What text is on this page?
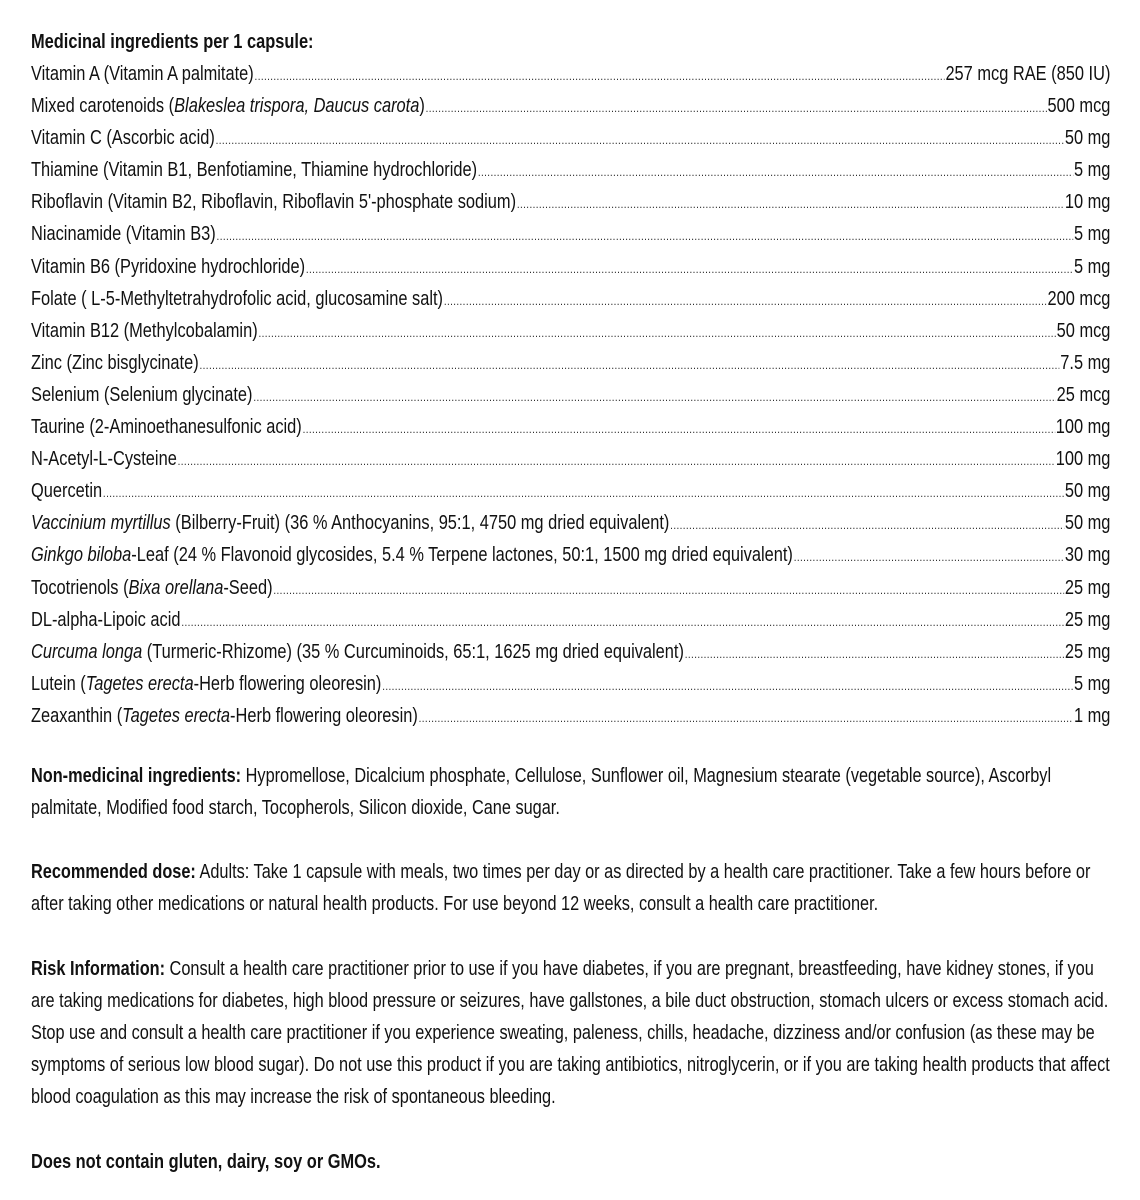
Medicinal ingredients per 1 capsule:
Vitamin A (Vitamin A palmitate) .....	257 mcg RAE (850 IU)
Mixed carotenoids (Blakeslea trispora, Daucus carota) .....	500 mcg
Vitamin C (Ascorbic acid) .....	50 mg
Thiamine (Vitamin B1, Benfotiamine, Thiamine hydrochloride) .....	5 mg
Riboflavin (Vitamin B2, Riboflavin, Riboflavin 5'-phosphate sodium) .....	10 mg
Niacinamide (Vitamin B3) .....	5 mg
Vitamin B6 (Pyridoxine hydrochloride) .....	5 mg
Folate ( L-5-Methyltetrahydrofolic acid, glucosamine salt) .....	200 mcg
Vitamin B12 (Methylcobalamin) .....	50 mcg
Zinc (Zinc bisglycinate) .....	7.5 mg
Selenium (Selenium glycinate) .....	25 mcg
Taurine (2-Aminoethanesulfonic acid) .....	100 mg
N-Acetyl-L-Cysteine .....	100 mg
Quercetin .....	50 mg
Vaccinium myrtillus (Bilberry-Fruit) (36 % Anthocyanins, 95:1, 4750 mg dried equivalent) .....	50 mg
Ginkgo biloba-Leaf (24 % Flavonoid glycosides, 5.4 % Terpene lactones, 50:1, 1500 mg dried equivalent) .....	30 mg
Tocotrienols (Bixa orellana-Seed) .....	25 mg
DL-alpha-Lipoic acid .....	25 mg
Curcuma longa (Turmeric-Rhizome) (35 % Curcuminoids, 65:1, 1625 mg dried equivalent) .....	25 mg
Lutein (Tagetes erecta-Herb flowering oleoresin) .....	5 mg
Zeaxanthin (Tagetes erecta-Herb flowering oleoresin) .....	1 mg

Non-medicinal ingredients: Hypromellose, Dicalcium phosphate, Cellulose, Sunflower oil, Magnesium stearate (vegetable source), Ascorbyl palmitate, Modified food starch, Tocopherols, Silicon dioxide, Cane sugar.

Recommended dose: Adults: Take 1 capsule with meals, two times per day or as directed by a health care practitioner. Take a few hours before or after taking other medications or natural health products. For use beyond 12 weeks, consult a health care practitioner.

Risk Information: Consult a health care practitioner prior to use if you have diabetes, if you are pregnant, breastfeeding, have kidney stones, if you are taking medications for diabetes, high blood pressure or seizures, have gallstones, a bile duct obstruction, stomach ulcers or excess stomach acid. Stop use and consult a health care practitioner if you experience sweating, paleness, chills, headache, dizziness and/or confusion (as these may be symptoms of serious low blood sugar). Do not use this product if you are taking antibiotics, nitroglycerin, or if you are taking health products that affect blood coagulation as this may increase the risk of spontaneous bleeding.

Does not contain gluten, dairy, soy or GMOs.
